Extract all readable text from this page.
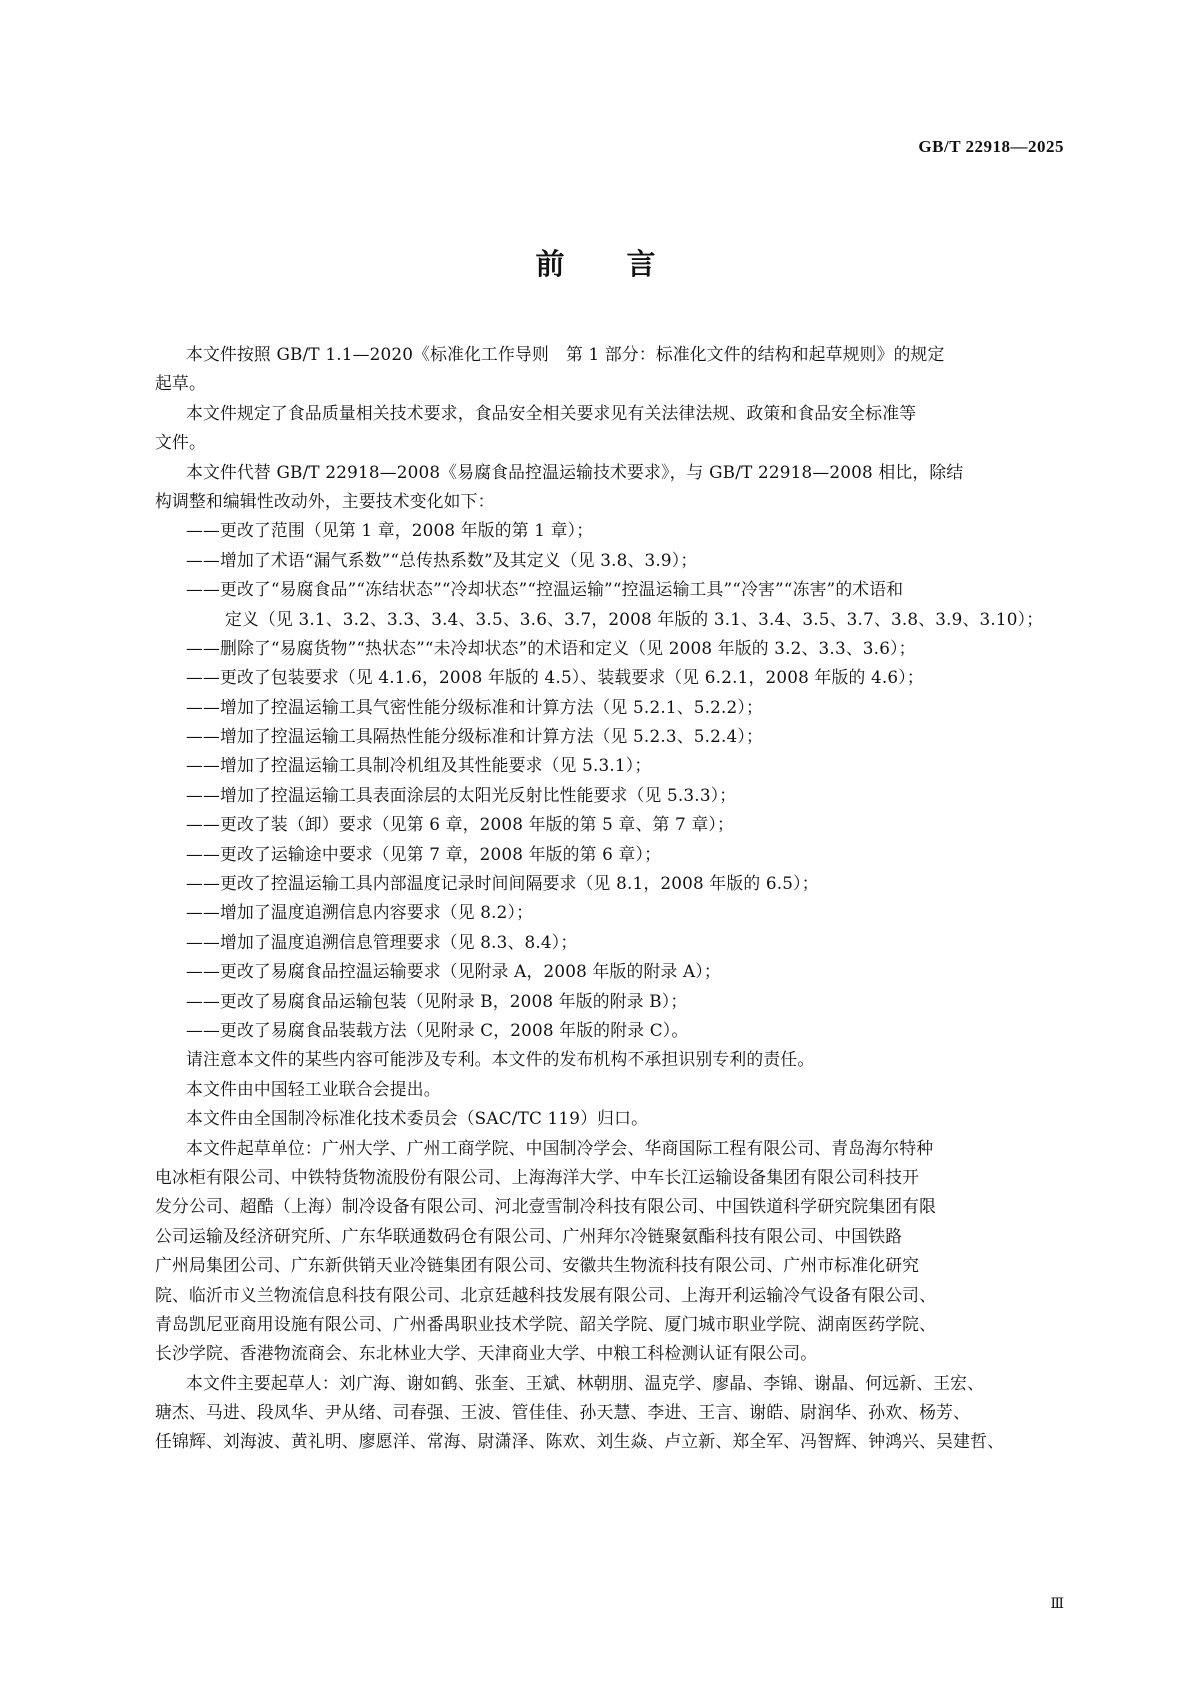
GB/T 22918—2025
前言
本文件按照 GB/T 1.1—2020《标准化工作导则　第 1 部分：标准化文件的结构和起草规则》的规定
起草。
本文件规定了食品质量相关技术要求，食品安全相关要求见有关法律法规、政策和食品安全标准等
文件。
本文件代替 GB/T 22918—2008《易腐食品控温运输技术要求》，与 GB/T 22918—2008 相比，除结
构调整和编辑性改动外，主要技术变化如下：
——更改了范围（见第 1 章，2008 年版的第 1 章）；
——增加了术语“漏气系数”“总传热系数”及其定义（见 3.8、3.9）；
——更改了“易腐食品”“冻结状态”“冷却状态”“控温运输”“控温运输工具”“冷害”“冻害”的术语和
定义（见 3.1、3.2、3.3、3.4、3.5、3.6、3.7，2008 年版的 3.1、3.4、3.5、3.7、3.8、3.9、3.10）；
——删除了“易腐货物”“热状态”“未冷却状态”的术语和定义（见 2008 年版的 3.2、3.3、3.6）；
——更改了包装要求（见 4.1.6，2008 年版的 4.5）、装载要求（见 6.2.1，2008 年版的 4.6）；
——增加了控温运输工具气密性能分级标准和计算方法（见 5.2.1、5.2.2）；
——增加了控温运输工具隔热性能分级标准和计算方法（见 5.2.3、5.2.4）；
——增加了控温运输工具制冷机组及其性能要求（见 5.3.1）；
——增加了控温运输工具表面涂层的太阳光反射比性能要求（见 5.3.3）；
——更改了装（卸）要求（见第 6 章，2008 年版的第 5 章、第 7 章）；
——更改了运输途中要求（见第 7 章，2008 年版的第 6 章）；
——更改了控温运输工具内部温度记录时间间隔要求（见 8.1，2008 年版的 6.5）；
——增加了温度追溯信息内容要求（见 8.2）；
——增加了温度追溯信息管理要求（见 8.3、8.4）；
——更改了易腐食品控温运输要求（见附录 A，2008 年版的附录 A）；
——更改了易腐食品运输包装（见附录 B，2008 年版的附录 B）；
——更改了易腐食品装载方法（见附录 C，2008 年版的附录 C）。
请注意本文件的某些内容可能涉及专利。本文件的发布机构不承担识别专利的责任。
本文件由中国轻工业联合会提出。
本文件由全国制冷标准化技术委员会（SAC/TC 119）归口。
本文件起草单位：广州大学、广州工商学院、中国制冷学会、华商国际工程有限公司、青岛海尔特种
电冰柜有限公司、中铁特货物流股份有限公司、上海海洋大学、中车长江运输设备集团有限公司科技开
发分公司、超酷（上海）制冷设备有限公司、河北壹雪制冷科技有限公司、中国铁道科学研究院集团有限
公司运输及经济研究所、广东华联通数码仓有限公司、广州拜尔冷链聚氨酯科技有限公司、中国铁路
广州局集团公司、广东新供销天业冷链集团有限公司、安徽共生物流科技有限公司、广州市标准化研究
院、临沂市义兰物流信息科技有限公司、北京廷越科技发展有限公司、上海开利运输冷气设备有限公司、
青岛凯尼亚商用设施有限公司、广州番禺职业技术学院、韶关学院、厦门城市职业学院、湖南医药学院、
长沙学院、香港物流商会、东北林业大学、天津商业大学、中粮工科检测认证有限公司。
本文件主要起草人：刘广海、谢如鹤、张奎、王斌、林朝朋、温克学、廖晶、李锦、谢晶、何远新、王宏、
瑭杰、马进、段凤华、尹从绪、司春强、王波、管佳佳、孙天慧、李进、王言、谢皓、尉润华、孙欢、杨芳、
任锦辉、刘海波、黄礼明、廖愿洋、常海、尉潇泽、陈欢、刘生焱、卢立新、郑全军、冯智辉、钟鸿兴、吴建哲、
Ⅲ
